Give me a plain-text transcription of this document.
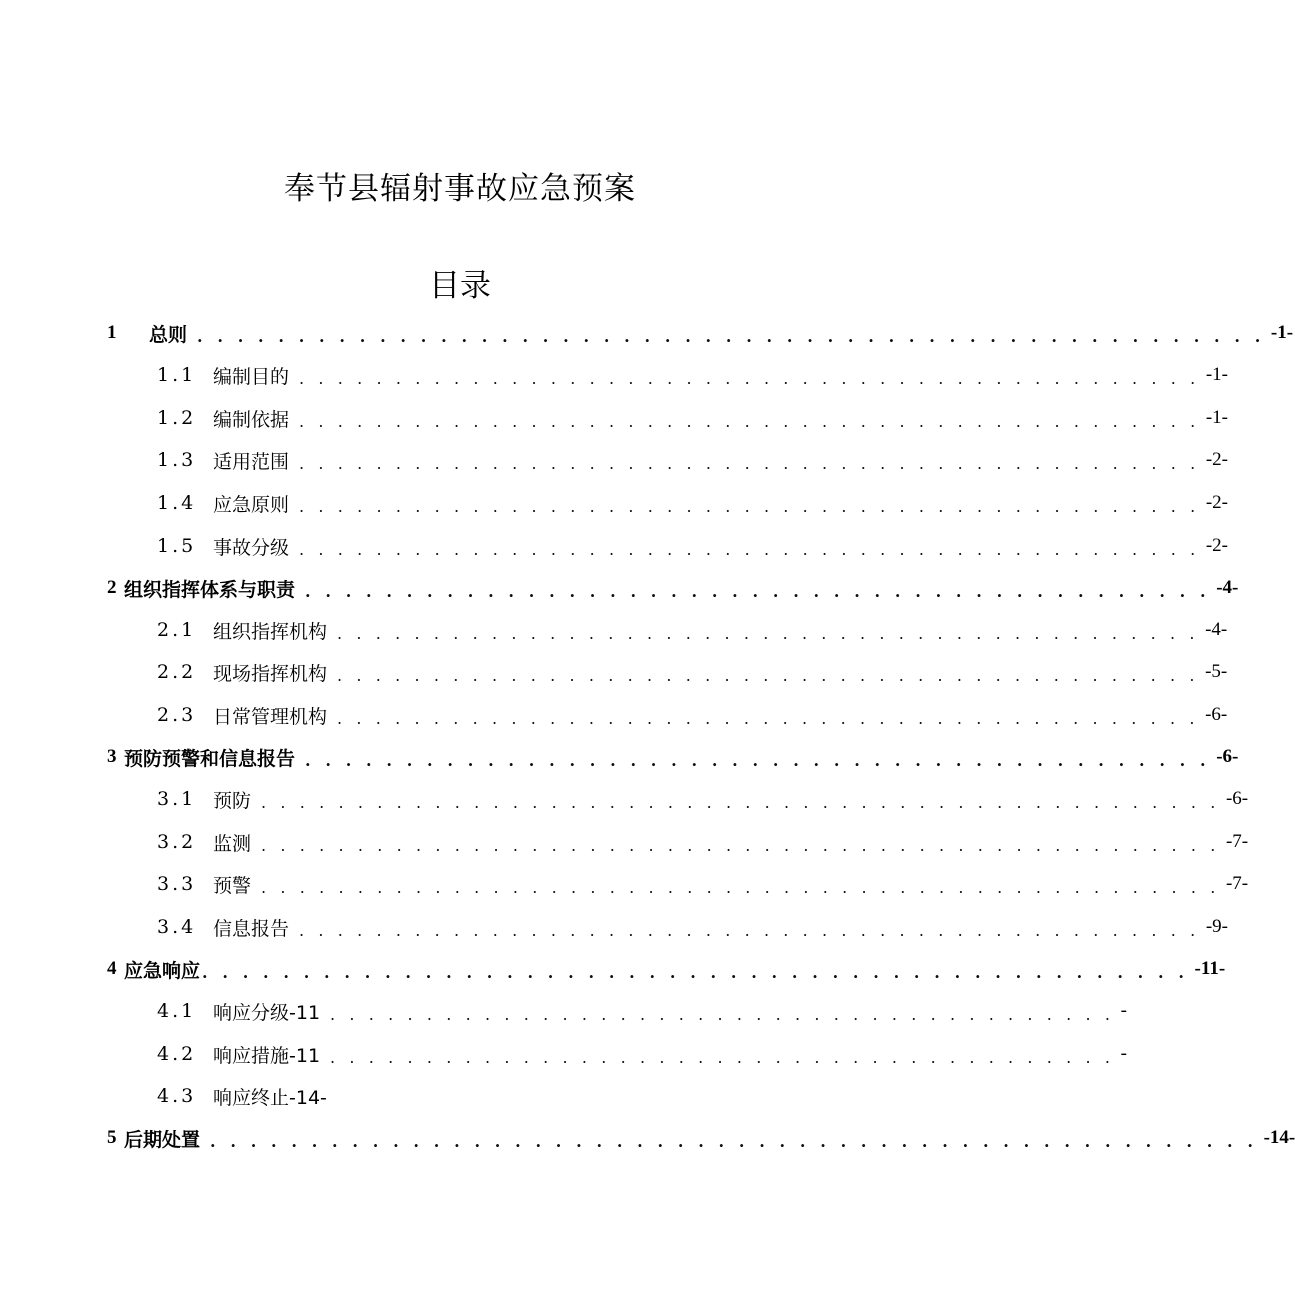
奉节县辐射事故应急预案
目录
1	总则 . . . . . . . . . . . . . . . . . . . . . . . . . . . . . . . . . . . . . . . . . . . . . . . . . . . . . -1-
1.1 编制目的 . . . . . . . . . . . . . . . . . . . . . . . . . . . . . . . . . . . . . . . . . . . . . . . -1-
1.2 编制依据 . . . . . . . . . . . . . . . . . . . . . . . . . . . . . . . . . . . . . . . . . . . . . . . -1-
1.3 适用范围 . . . . . . . . . . . . . . . . . . . . . . . . . . . . . . . . . . . . . . . . . . . . . . . -2-
1.4 应急原则 . . . . . . . . . . . . . . . . . . . . . . . . . . . . . . . . . . . . . . . . . . . . . . . -2-
1.5 事故分级 . . . . . . . . . . . . . . . . . . . . . . . . . . . . . . . . . . . . . . . . . . . . . . . -2-
2 组织指挥体系与职责 . . . . . . . . . . . . . . . . . . . . . . . . . . . . . . . . . . . . . . . . . . . . . -4-
2.1 组织指挥机构 . . . . . . . . . . . . . . . . . . . . . . . . . . . . . . . . . . . . . . . . . . . . . -4-
2.2 现场指挥机构 . . . . . . . . . . . . . . . . . . . . . . . . . . . . . . . . . . . . . . . . . . . . . -5-
2.3 日常管理机构 . . . . . . . . . . . . . . . . . . . . . . . . . . . . . . . . . . . . . . . . . . . . . -6-
3 预防预警和信息报告 . . . . . . . . . . . . . . . . . . . . . . . . . . . . . . . . . . . . . . . . . . . . . -6-
3.1 预防 . . . . . . . . . . . . . . . . . . . . . . . . . . . . . . . . . . . . . . . . . . . . . . . . . . -6-
3.2 监测 . . . . . . . . . . . . . . . . . . . . . . . . . . . . . . . . . . . . . . . . . . . . . . . . . . -7-
3.3 预警 . . . . . . . . . . . . . . . . . . . . . . . . . . . . . . . . . . . . . . . . . . . . . . . . . . -7-
3.4 信息报告 . . . . . . . . . . . . . . . . . . . . . . . . . . . . . . . . . . . . . . . . . . . . . . . -9-
4 应急响应 . . . . . . . . . . . . . . . . . . . . . . . . . . . . . . . . . . . . . . . . . . . . . . . . . -11-
4.1 响应分级-11 . . . . . . . . . . . . . . . . . . . . . . . . . . . . . . . . . . . . . . . . . -
4.2 响应措施-11 . . . . . . . . . . . . . . . . . . . . . . . . . . . . . . . . . . . . . . . . . -
4.3 响应终止-14-
5 后期处置 . . . . . . . . . . . . . . . . . . . . . . . . . . . . . . . . . . . . . . . . . . . . . . . . . . . . -14-
